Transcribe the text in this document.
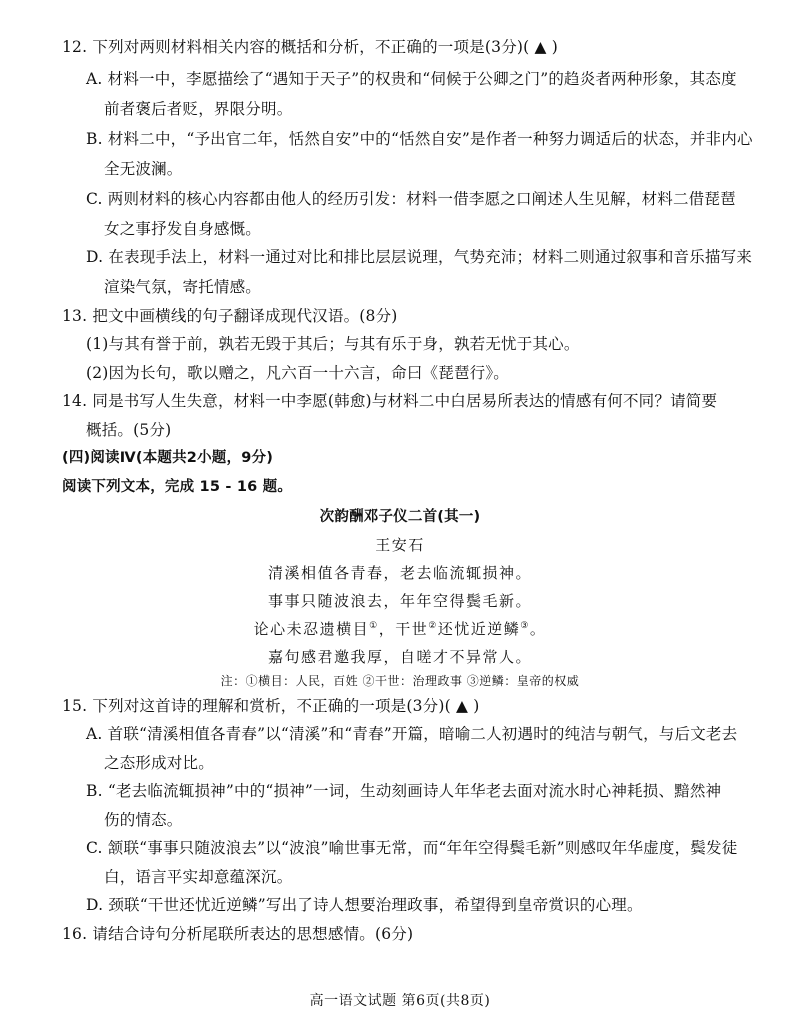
12. 下列对两则材料相关内容的概括和分析，不正确的一项是(3分)( ▲ )
A. 材料一中，李愿描绘了“遇知于天子”的权贵和“伺候于公卿之门”的趋炎者两种形象，其态度
前者褒后者贬，界限分明。
B. 材料二中，“予出官二年，恬然自安”中的“恬然自安”是作者一种努力调适后的状态，并非内心
全无波澜。
C. 两则材料的核心内容都由他人的经历引发：材料一借李愿之口阐述人生见解，材料二借琵琶
女之事抒发自身感慨。
D. 在表现手法上，材料一通过对比和排比层层说理，气势充沛；材料二则通过叙事和音乐描写来
渲染气氛，寄托情感。
13. 把文中画横线的句子翻译成现代汉语。(8分)
(1)与其有誉于前，孰若无毁于其后；与其有乐于身，孰若无忧于其心。
(2)因为长句，歌以赠之，凡六百一十六言，命曰《琵琶行》。
14. 同是书写人生失意，材料一中李愿(韩愈)与材料二中白居易所表达的情感有何不同？请简要
概括。(5分)
(四)阅读Ⅳ(本题共2小题，9分)
阅读下列文本，完成 15 - 16 题。
次韵酬邓子仪二首(其一)
王安石
清溪相值各青春，老去临流辄损神。
事事只随波浪去，年年空得鬓毛新。
论心未忍遗横目①，干世②还忧近逆鳞③。
嘉句感君邀我厚，自嗟才不异常人。
注：①横目：人民，百姓 ②干世：治理政事 ③逆鳞：皇帝的权威
15. 下列对这首诗的理解和赏析，不正确的一项是(3分)( ▲ )
A. 首联“清溪相值各青春”以“清溪”和“青春”开篇，暗喻二人初遇时的纯洁与朝气，与后文老去
之态形成对比。
B. “老去临流辄损神”中的“损神”一词，生动刻画诗人年华老去面对流水时心神耗损、黯然神
伤的情态。
C. 颔联“事事只随波浪去”以“波浪”喻世事无常，而“年年空得鬓毛新”则感叹年华虚度，鬓发徒
白，语言平实却意蕴深沉。
D. 颈联“干世还忧近逆鳞”写出了诗人想要治理政事，希望得到皇帝赏识的心理。
16. 请结合诗句分析尾联所表达的思想感情。(6分)
高一语文试题 第6页(共8页)
